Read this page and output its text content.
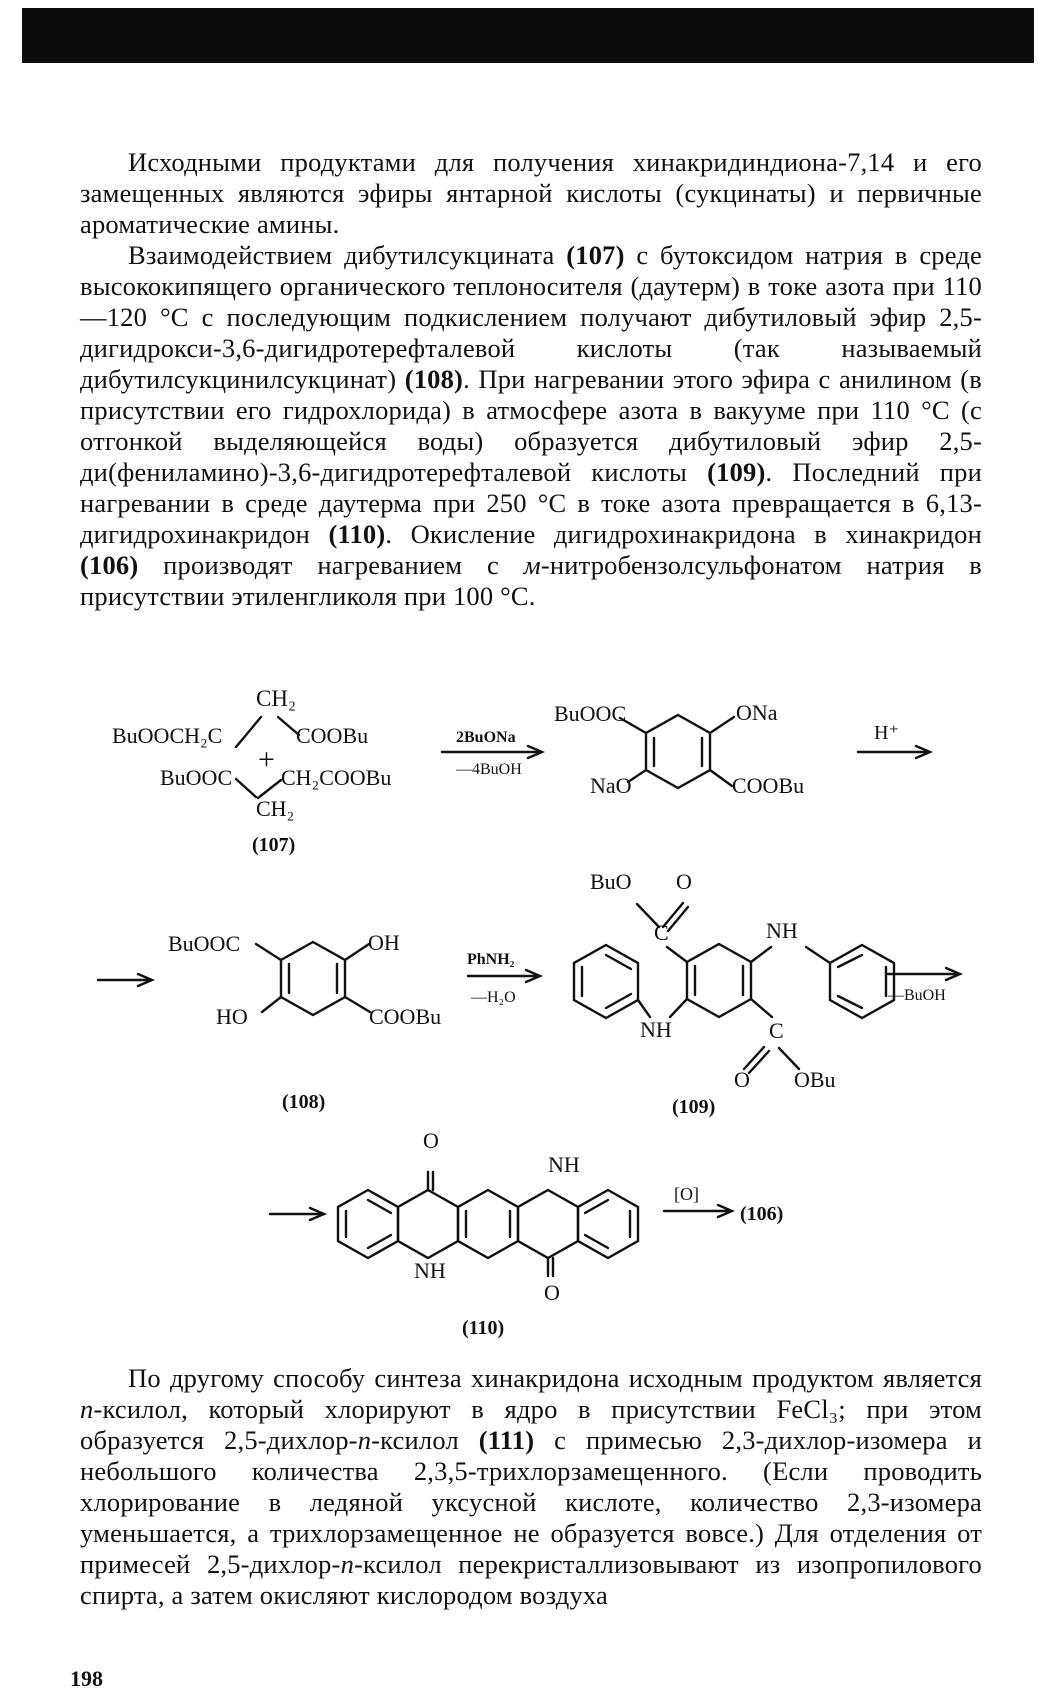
Исходными продуктами для получения хинакридиндиона-7,14 и его замещенных являются эфиры янтарной кислоты (сукцинаты) и первичные ароматические амины.

Взаимодействием дибутилсукцината (107) с бутоксидом натрия в среде высококипящего органического теплоносителя (даутерм) в токе азота при 110—120 °C с последующим подкислением получают дибутиловый эфир 2,5-дигидрокси-3,6-дигидротерефталевой кислоты (так называемый дибутилсукцинилсукцинат) (108). При нагревании этого эфира с анилином (в присутствии его гидрохлорида) в атмосфере азота в вакууме при 110 °C (с отгонкой выделяющейся воды) образуется дибутиловый эфир 2,5-ди(фениламино)-3,6-дигидротерефталевой кислоты (109). Последний при нагревании в среде даутерма при 250 °C в токе азота превращается в 6,13-дигидрохинакридон (110). Окисление дигидрохинакридона в хинакридон (106) производят нагреванием с м-нитробензолсульфонатом натрия в присутствии этиленгликоля при 100 °C.

CH₂
BuOOCH₂C	COOBu
+
BuOOC CH₂COOBu
CH₂
(107)
2BuONa
—4BuOH
BuOOC	ONa
NaO	COOBu
H⁺
BuOOC	OH
HO	COOBu
(108)
PhNH₂
—H₂O
BuO O
C	NH
NH	C
O OBu
—BuOH
(109)
O
NH
NH
O
(110)
[O]
(106)

По другому способу синтеза хинакридона исходным продуктом является п-ксилол, который хлорируют в ядро в присутствии FeCl₃; при этом образуется 2,5-дихлор-п-ксилол (111) с примесью 2,3-дихлор-изомера и небольшого количества 2,3,5-трихлорзамещенного. (Если проводить хлорирование в ледяной уксусной кислоте, количество 2,3-изомера уменьшается, а трихлорзамещенное не образуется вовсе.) Для отделения от примесей 2,5-дихлор-п-ксилол перекристаллизовывают из изопропилового спирта, а затем окисляют кислородом воздуха

198
